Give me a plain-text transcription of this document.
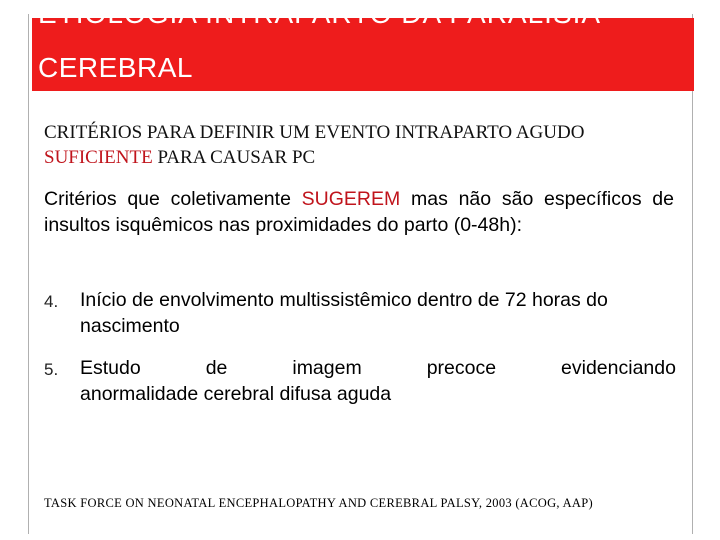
ETIOLOGIA INTRAPARTO DA PARALISIA
CEREBRAL
CRITÉRIOS PARA DEFINIR UM EVENTO INTRAPARTO AGUDO SUFICIENTE PARA CAUSAR PC
Critérios que coletivamente SUGEREM mas não são específicos de insultos isquêmicos nas proximidades do parto (0-48h):
4. Início de envolvimento multissistêmico dentro de 72 horas do nascimento
5. Estudo	de	imagem	precoce	evidenciando
anormalidade cerebral difusa aguda
TASK FORCE ON NEONATAL ENCEPHALOPATHY AND CEREBRAL PALSY, 2003 (ACOG, AAP)
